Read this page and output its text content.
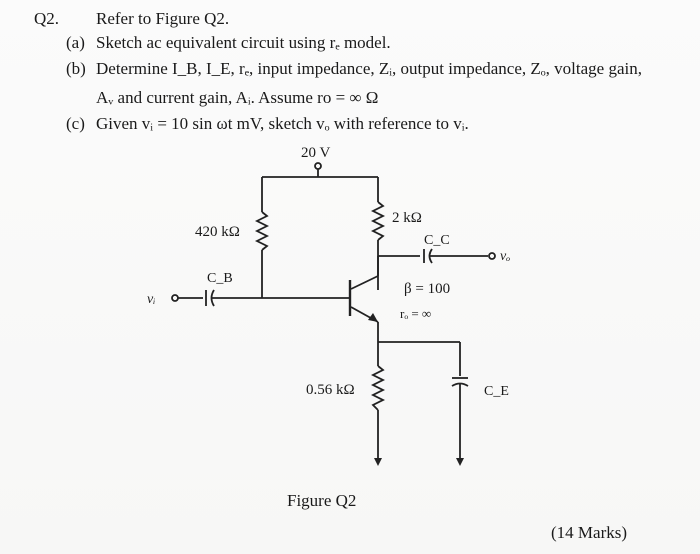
Q2. Refer to Figure Q2.
(a) Sketch ac equivalent circuit using rₑ model.
(b) Determine I_B, I_E, rₑ, input impedance, Zᵢ, output impedance, Zₒ, voltage gain,
Aᵥ and current gain, Aᵢ. Assume ro = ∞ Ω
(c) Given vᵢ = 10 sin ωt mV, sketch vₒ with reference to vᵢ.
20 V
420 kΩ
2 kΩ
C_C
vₒ
C_B
vᵢ
β = 100
rₒ = ∞
0.56 kΩ	C_E
Figure Q2
(14 Marks)
